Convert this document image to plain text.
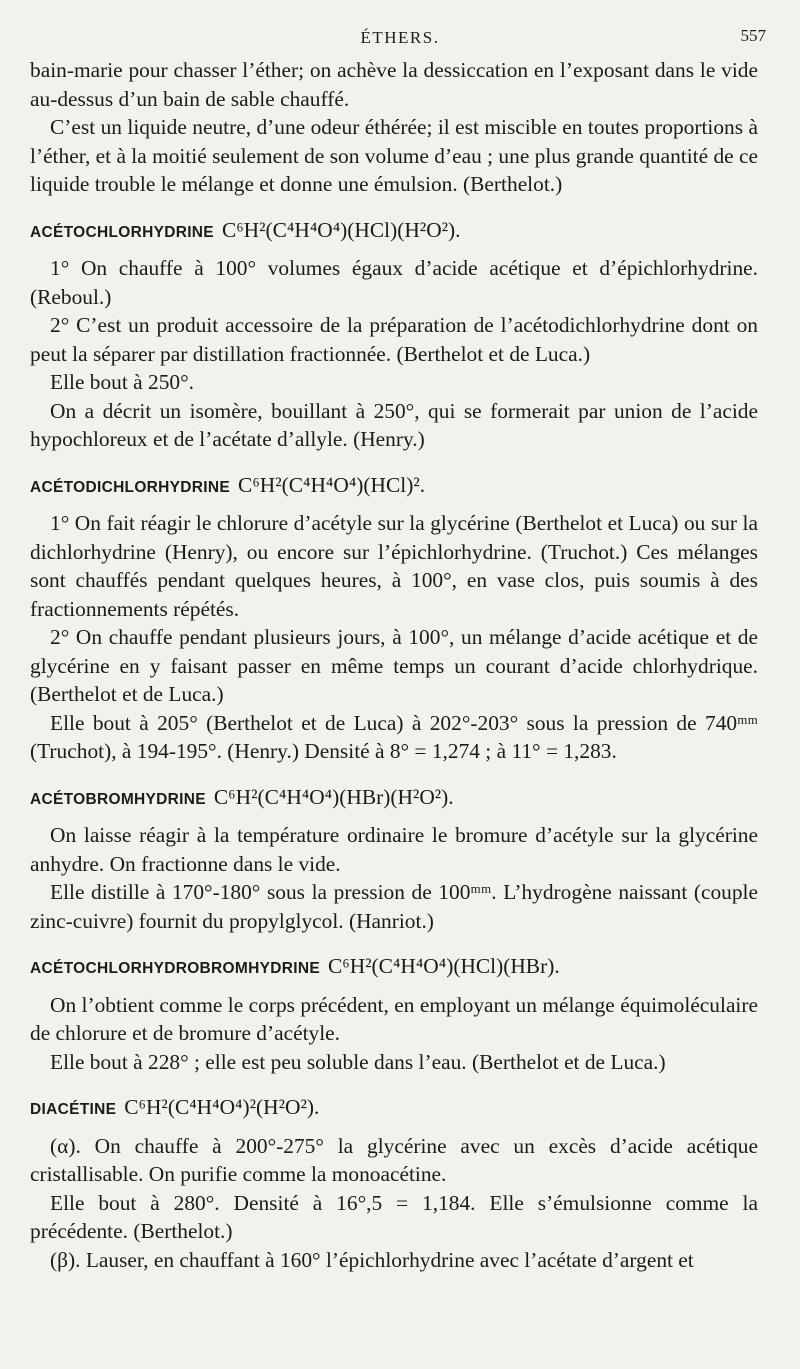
ÉTHERS.	557

bain-marie pour chasser l’éther; on achève la dessiccation en l’exposant dans le vide au-dessus d’un bain de sable chauffé.

C’est un liquide neutre, d’une odeur éthérée; il est miscible en toutes proportions à l’éther, et à la moitié seulement de son volume d’eau ; une plus grande quantité de ce liquide trouble le mélange et donne une émulsion. (Berthelot.)

ACÉTOCHLORHYDRINE C⁶H²(C⁴H⁴O⁴)(HCl)(H²O²).

1° On chauffe à 100° volumes égaux d’acide acétique et d’épichlorhydrine. (Reboul.)

2° C’est un produit accessoire de la préparation de l’acétodichlorhydrine dont on peut la séparer par distillation fractionnée. (Berthelot et de Luca.)

Elle bout à 250°.

On a décrit un isomère, bouillant à 250°, qui se formerait par union de l’acide hypochloreux et de l’acétate d’allyle. (Henry.)

ACÉTODICHLORHYDRINE C⁶H²(C⁴H⁴O⁴)(HCl)².

1° On fait réagir le chlorure d’acétyle sur la glycérine (Berthelot et Luca) ou sur la dichlorhydrine (Henry), ou encore sur l’épichlorhydrine. (Truchot.) Ces mélanges sont chauffés pendant quelques heures, à 100°, en vase clos, puis soumis à des fractionnements répétés.

2° On chauffe pendant plusieurs jours, à 100°, un mélange d’acide acétique et de glycérine en y faisant passer en même temps un courant d’acide chlorhydrique. (Berthelot et de Luca.)

Elle bout à 205° (Berthelot et de Luca) à 202°-203° sous la pression de 740ᵐᵐ (Truchot), à 194-195°. (Henry.) Densité à 8° = 1,274 ; à 11° = 1,283.

ACÉTOBROMHYDRINE C⁶H²(C⁴H⁴O⁴)(HBr)(H²O²).

On laisse réagir à la température ordinaire le bromure d’acétyle sur la glycérine anhydre. On fractionne dans le vide.

Elle distille à 170°-180° sous la pression de 100ᵐᵐ. L’hydrogène naissant (couple zinc-cuivre) fournit du propylglycol. (Hanriot.)

ACÉTOCHLORHYDROBROMHYDRINE C⁶H²(C⁴H⁴O⁴)(HCl)(HBr).

On l’obtient comme le corps précédent, en employant un mélange équimoléculaire de chlorure et de bromure d’acétyle.

Elle bout à 228° ; elle est peu soluble dans l’eau. (Berthelot et de Luca.)

DIACÉTINE C⁶H²(C⁴H⁴O⁴)²(H²O²).

(α). On chauffe à 200°-275° la glycérine avec un excès d’acide acétique cristallisable. On purifie comme la monoacétine.

Elle bout à 280°. Densité à 16°,5 = 1,184. Elle s’émulsionne comme la précédente. (Berthelot.)

(β). Lauser, en chauffant à 160° l’épichlorhydrine avec l’acétate d’argent et
